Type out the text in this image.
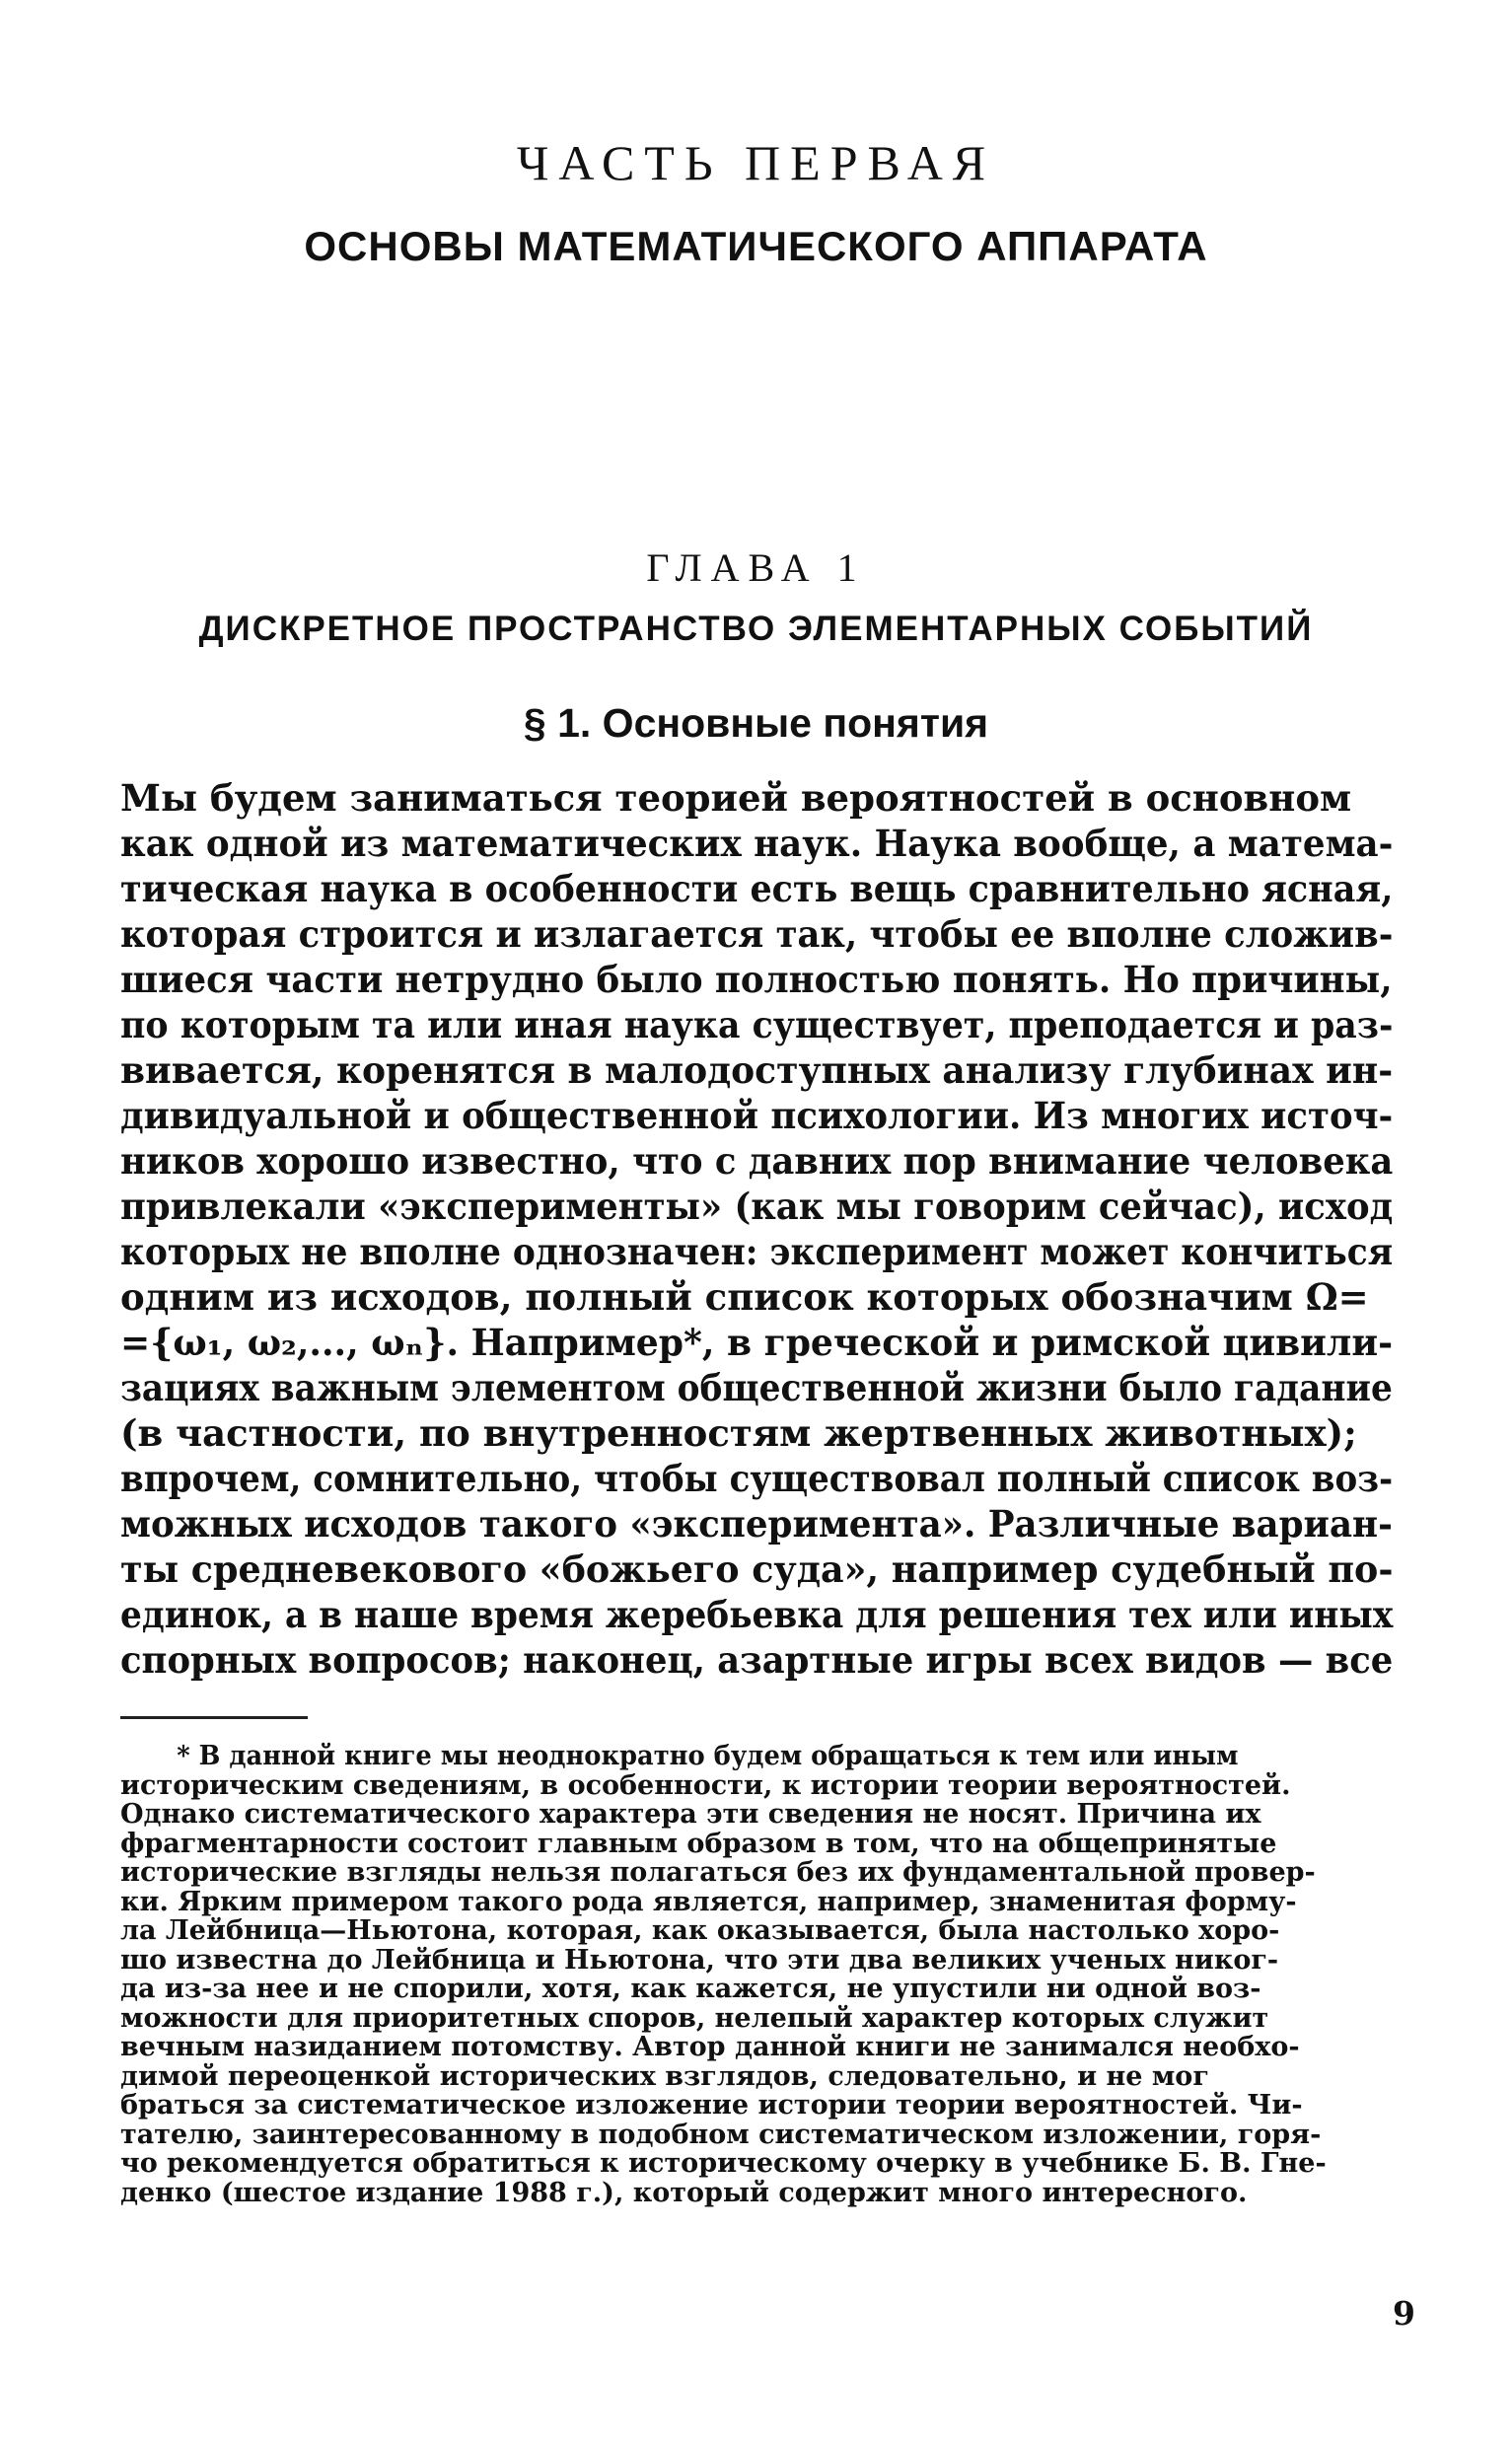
ЧАСТЬ ПЕРВАЯ
ОСНОВЫ МАТЕМАТИЧЕСКОГО АППАРАТА
ГЛАВА 1
ДИСКРЕТНОЕ ПРОСТРАНСТВО ЭЛЕМЕНТАРНЫХ СОБЫТИЙ
§ 1. Основные понятия
Мы будем заниматься теорией вероятностей в основном
как одной из математических наук. Наука вообще, а матема-
тическая наука в особенности есть вещь сравнительно ясная,
которая строится и излагается так, чтобы ее вполне сложив-
шиеся части нетрудно было полностью понять. Но причины,
по которым та или иная наука существует, преподается и раз-
вивается, коренятся в малодоступных анализу глубинах ин-
дивидуальной и общественной психологии. Из многих источ-
ников хорошо известно, что с давних пор внимание человека
привлекали «эксперименты» (как мы говорим сейчас), исход
которых не вполне однозначен: эксперимент может кончиться
одним из исходов, полный список которых обозначим Ω=
={ω₁, ω₂,..., ωₙ}. Например*, в греческой и римской цивили-
зациях важным элементом общественной жизни было гадание
(в частности, по внутренностям жертвенных животных);
впрочем, сомнительно, чтобы существовал полный список воз-
можных исходов такого «эксперимента». Различные вариан-
ты средневекового «божьего суда», например судебный по-
единок, а в наше время жеребьевка для решения тех или иных
спорных вопросов; наконец, азартные игры всех видов — все
* В данной книге мы неоднократно будем обращаться к тем или иным
историческим сведениям, в особенности, к истории теории вероятностей.
Однако систематического характера эти сведения не носят. Причина их
фрагментарности состоит главным образом в том, что на общепринятые
исторические взгляды нельзя полагаться без их фундаментальной провер-
ки. Ярким примером такого рода является, например, знаменитая форму-
ла Лейбница—Ньютона, которая, как оказывается, была настолько хоро-
шо известна до Лейбница и Ньютона, что эти два великих ученых никог-
да из-за нее и не спорили, хотя, как кажется, не упустили ни одной воз-
можности для приоритетных споров, нелепый характер которых служит
вечным назиданием потомству. Автор данной книги не занимался необхо-
димой переоценкой исторических взглядов, следовательно, и не мог
браться за систематическое изложение истории теории вероятностей. Чи-
тателю, заинтересованному в подобном систематическом изложении, горя-
чо рекомендуется обратиться к историческому очерку в учебнике Б. В. Гне-
денко (шестое издание 1988 г.), который содержит много интересного.
9
